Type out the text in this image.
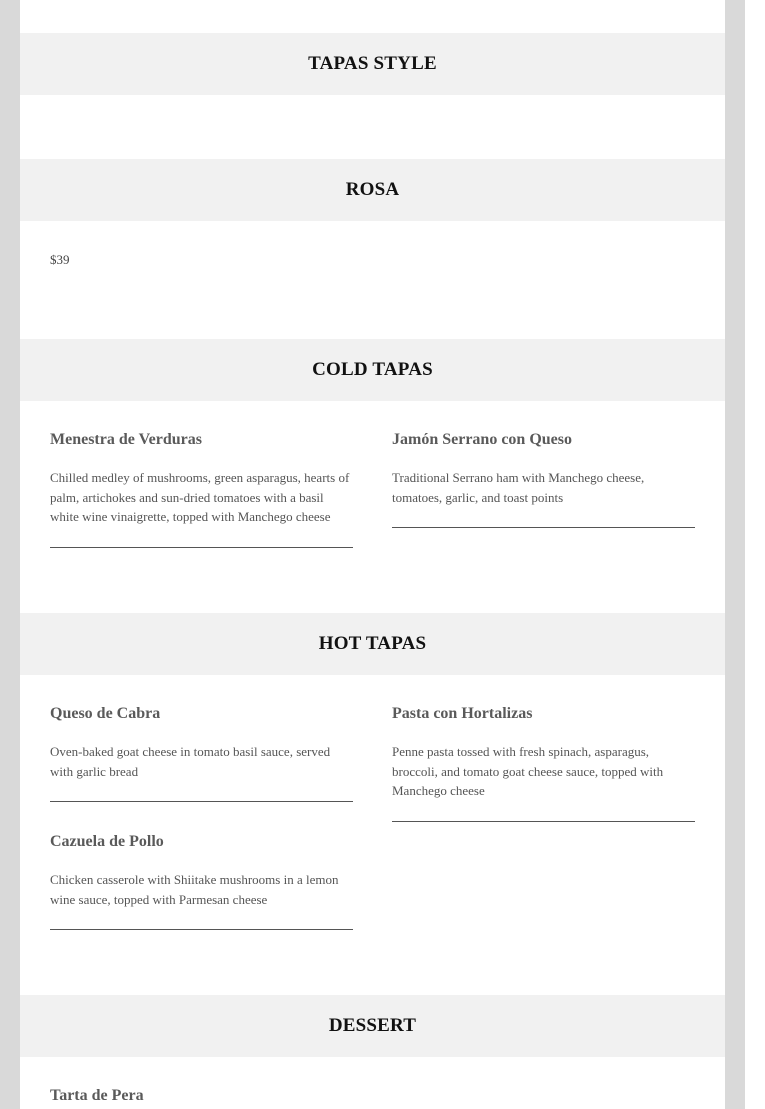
TAPAS STYLE
ROSA
$39
COLD TAPAS
Menestra de Verduras

Chilled medley of mushrooms, green asparagus, hearts of palm, artichokes and sun-dried tomatoes with a basil white wine vinaigrette, topped with Manchego cheese

Jamón Serrano con Queso

Traditional Serrano ham with Manchego cheese, tomatoes, garlic, and toast points

HOT TAPAS
Queso de Cabra

Oven-baked goat cheese in tomato basil sauce, served with garlic bread

Pasta con Hortalizas

Penne pasta tossed with fresh spinach, asparagus, broccoli, and tomato goat cheese sauce, topped with Manchego cheese

Cazuela de Pollo

Chicken casserole with Shiitake mushrooms in a lemon wine sauce, topped with Parmesan cheese

DESSERT
Tarta de Pera
